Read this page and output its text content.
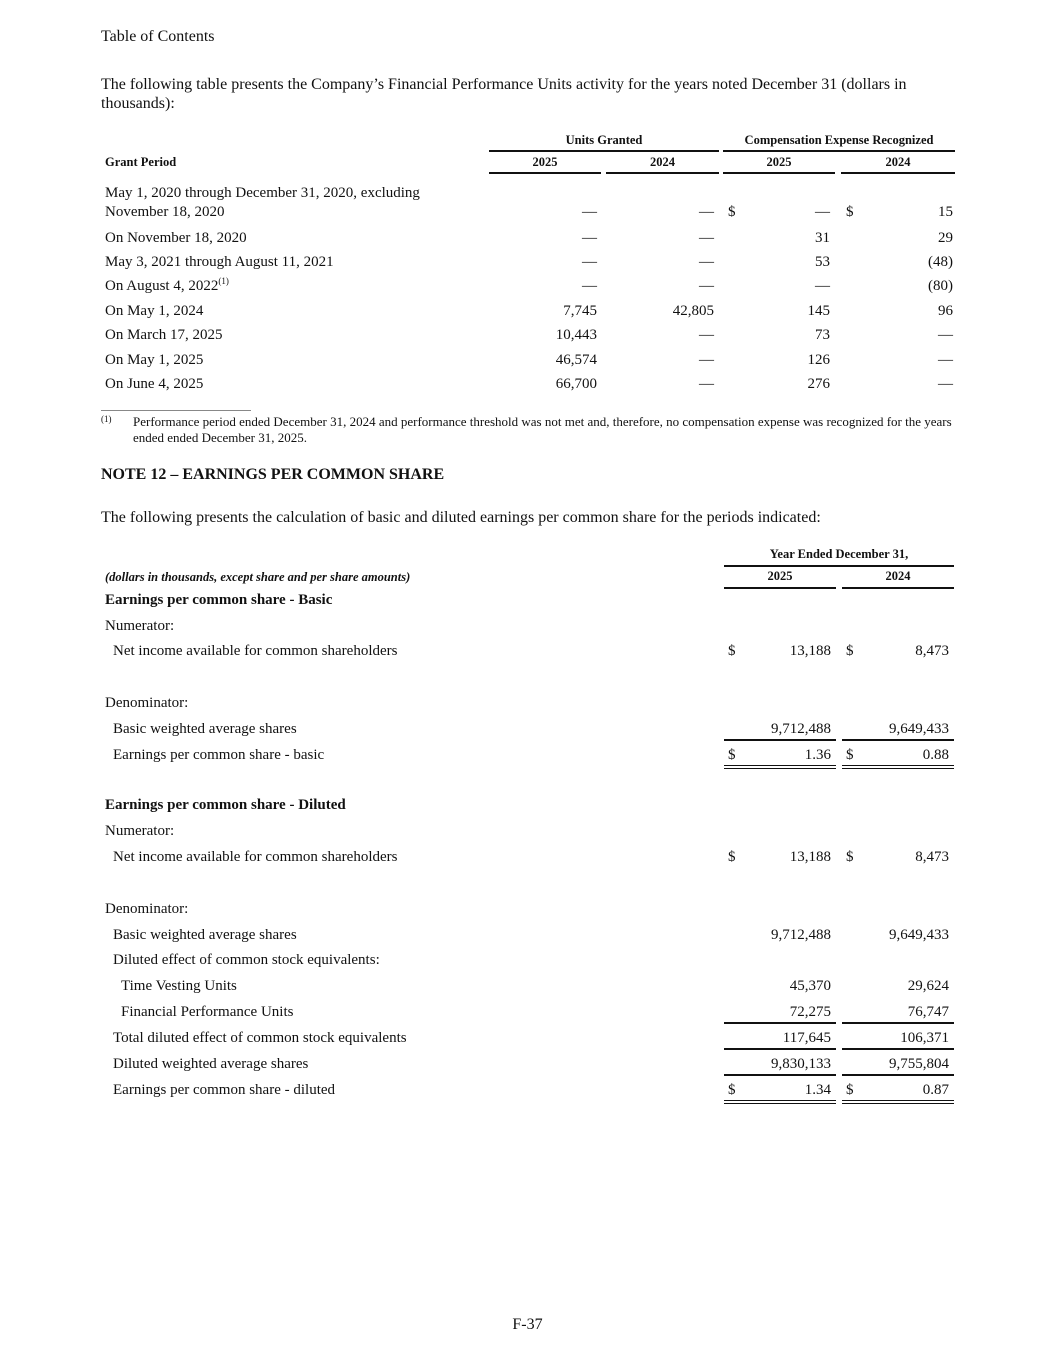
Table of Contents
The following table presents the Company’s Financial Performance Units activity for the years noted December 31 (dollars in thousands):
Units Granted	Compensation Expense Recognized
Grant Period	2025	2024	2025	2024
May 1, 2020 through December 31, 2020, excluding
November 18, 2020	—	—	—	15
$	$
On November 18, 2020	—	—	31	29
May 3, 2021 through August 11, 2021	—	—	53	(48)
On August 4, 2022$^{(1)}$	—	—	—	(80)
On May 1, 2024	7,745	42,805	145	96
On March 17, 2025	10,443	—	73	—
On May 1, 2025	46,574	—	126	—
On June 4, 2025	66,700	—	276	—
(1) Performance period ended December 31, 2024 and performance threshold was not met and, therefore, no compensation expense was recognized for the years ended ended December 31, 2025.
NOTE 12 – EARNINGS PER COMMON SHARE
The following presents the calculation of basic and diluted earnings per common share for the periods indicated:
Year Ended December 31,
(dollars in thousands, except share and per share amounts)	2025	2024
Earnings per common share - Basic
Numerator:
Net income available for common shareholders	13,188	8,473
$	$
Denominator:
Basic weighted average shares	9,712,488	9,649,433
Earnings per common share - basic	1.36	0.88
$	$
Earnings per common share - Diluted
Numerator:
Net income available for common shareholders	13,188	8,473
$	$
Denominator:
Basic weighted average shares	9,712,488	9,649,433
Diluted effect of common stock equivalents:
Time Vesting Units	45,370	29,624
Financial Performance Units	72,275	76,747
Total diluted effect of common stock equivalents	117,645	106,371
Diluted weighted average shares	9,830,133	9,755,804
Earnings per common share - diluted	1.34	0.87
$	$
F-37
